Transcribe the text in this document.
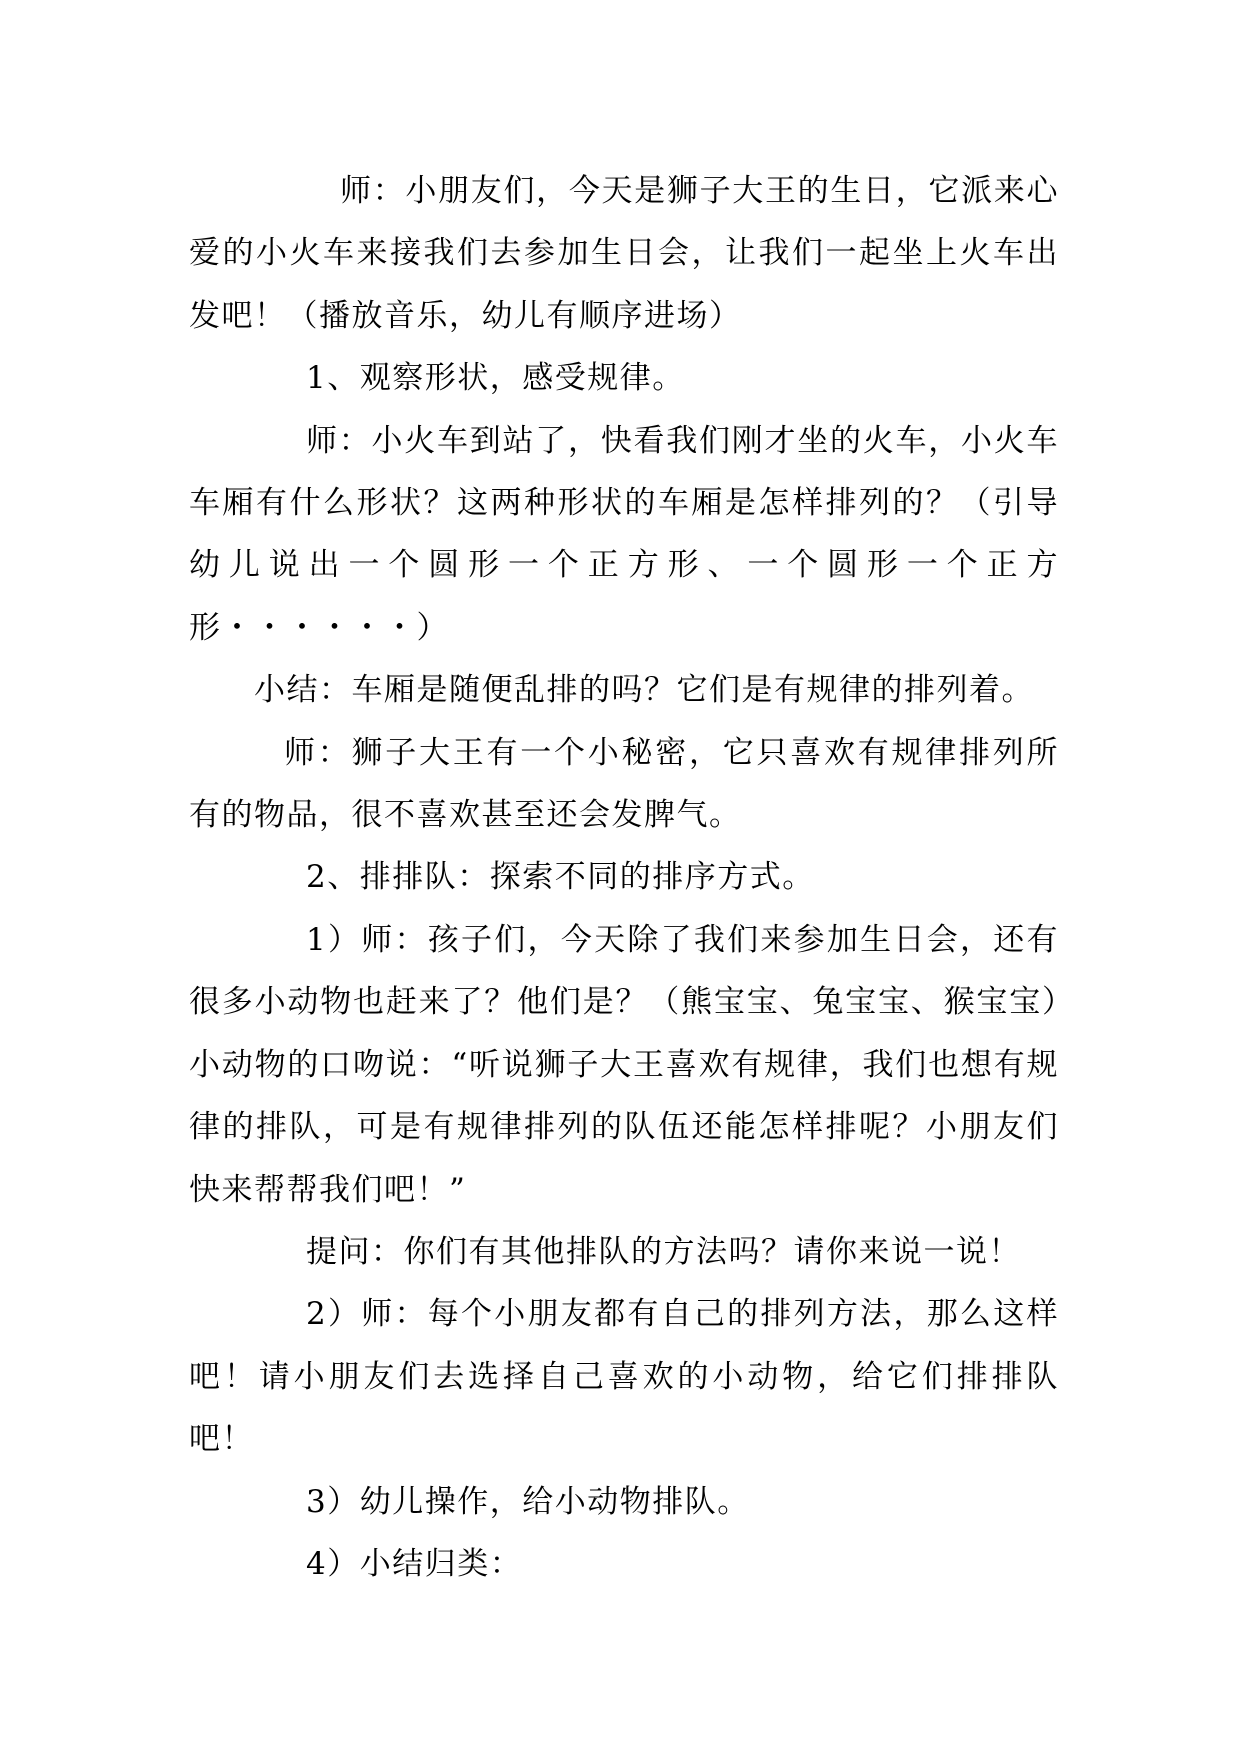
师：小朋友们，今天是狮子大王的生日，它派来心爱的小火车来接我们去参加生日会，让我们一起坐上火车出发吧！（播放音乐，幼儿有顺序进场）

1、观察形状，感受规律。

师：小火车到站了，快看我们刚才坐的火车，小火车车厢有什么形状？这两种形状的车厢是怎样排列的？（引导幼儿说出一个圆形一个正方形、一个圆形一个正方形・・・・・・）

小结：车厢是随便乱排的吗？它们是有规律的排列着。

师：狮子大王有一个小秘密，它只喜欢有规律排列所有的物品，很不喜欢甚至还会发脾气。

2、排排队：探索不同的排序方式。

1）师：孩子们，今天除了我们来参加生日会，还有很多小动物也赶来了？他们是？（熊宝宝、兔宝宝、猴宝宝）小动物的口吻说：“听说狮子大王喜欢有规律，我们也想有规律的排队，可是有规律排列的队伍还能怎样排呢？小朋友们快来帮帮我们吧！”

提问：你们有其他排队的方法吗？请你来说一说！

2）师：每个小朋友都有自己的排列方法，那么这样吧！请小朋友们去选择自己喜欢的小动物，给它们排排队吧！

3）幼儿操作，给小动物排队。

4）小结归类：
